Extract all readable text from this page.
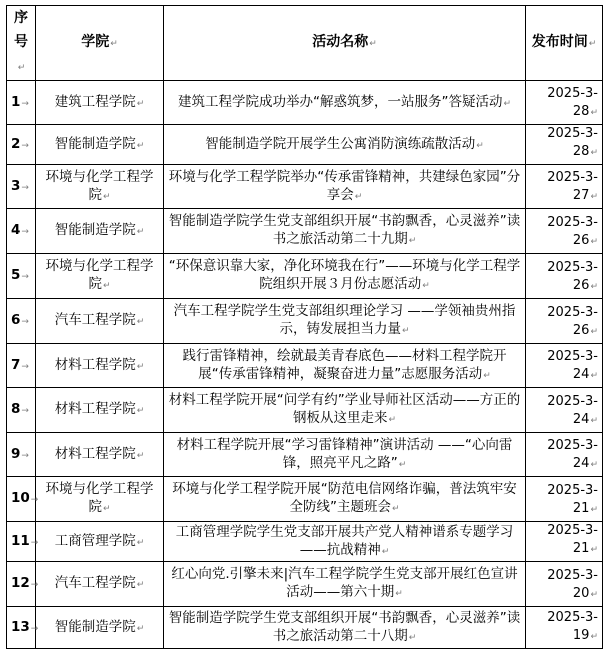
序号↵	学院↵	活动名称↵	发布时间↵
1→	建筑工程学院↵	建筑工程学院成功举办“解惑筑梦，一站服务”答疑活动↵	2025-3-28↵
2→	智能制造学院↵	智能制造学院开展学生公寓消防演练疏散活动↵	2025-3-28↵
3→	环境与化学工程学院↵	环境与化学工程学院举办“传承雷锋精神，共建绿色家园”分享会↵	2025-3-27↵
4→	智能制造学院↵	智能制造学院学生党支部组织开展“书韵飘香，心灵滋养”读书之旅活动第二十九期↵	2025-3-26↵
5→	环境与化学工程学院↵	“环保意识靠大家，净化环境我在行”——环境与化学工程学院组织开展３月份志愿活动↵	2025-3-26↵
6→	汽车工程学院↵	汽车工程学院学生党支部组织理论学习 ——学领袖贵州指示，铸发展担当力量↵	2025-3-26↵
7→	材料工程学院↵	践行雷锋精神，绘就最美青春底色——材料工程学院开展“传承雷锋精神，凝聚奋进力量”志愿服务活动↵	2025-3-24↵
8→	材料工程学院↵	材料工程学院开展“问学有约”学业导师社区活动——方正的钢板从这里走来↵	2025-3-24↵
9→	材料工程学院↵	材料工程学院开展“学习雷锋精神”演讲活动 ——“心向雷锋，照亮平凡之路”↵	2025-3-24↵
10→	环境与化学工程学院↵	环境与化学工程学院开展“防范电信网络诈骗，普法筑牢安全防线”主题班会↵	2025-3-21↵
11→	工商管理学院↵	工商管理学院学生党支部开展共产党人精神谱系专题学习——抗战精神↵	2025-3-21↵
12→	汽车工程学院↵	红心向党.引擎未来|汽车工程学院学生党支部开展红色宣讲活动——第六十期↵	2025-3-20↵
13→	智能制造学院↵	智能制造学院学生党支部组织开展“书韵飘香，心灵滋养”读书之旅活动第二十八期↵	2025-3-19↵
